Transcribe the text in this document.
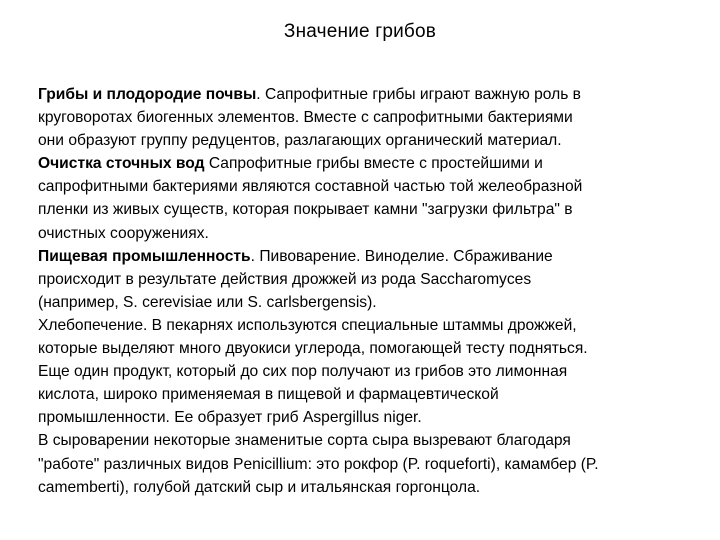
Значение грибов
Грибы и плодородие почвы. Сапрофитные грибы играют важную роль в
круговоротах биогенных элементов. Вместе с сапрофитными бактериями
они образуют группу редуцентов, разлагающих органический материал.
Очистка сточных вод Сапрофитные грибы вместе с простейшими и
сапрофитными бактериями являются составной частью той желеобразной
пленки из живых существ, которая покрывает камни "загрузки фильтра" в
очистных сооружениях.
Пищевая промышленность. Пивоварение. Виноделие. Сбраживание
происходит в результате действия дрожжей из рода Saccharomyces
(например, S. cerevisiae или S. carlsbergensis).
Хлебопечение. В пекарнях используются специальные штаммы дрожжей,
которые выделяют много двуокиси углерода, помогающей тесту подняться.
Еще один продукт, который до сих пор получают из грибов это лимонная
кислота, широко применяемая в пищевой и фармацевтической
промышленности. Ее образует гриб Aspergillus niger.
В сыроварении некоторые знаменитые сорта сыра вызревают благодаря
"работе" различных видов Penicillium: это рокфор (P. roqueforti), камамбер (P.
camemberti), голубой датский сыр и итальянская горгонцола.
